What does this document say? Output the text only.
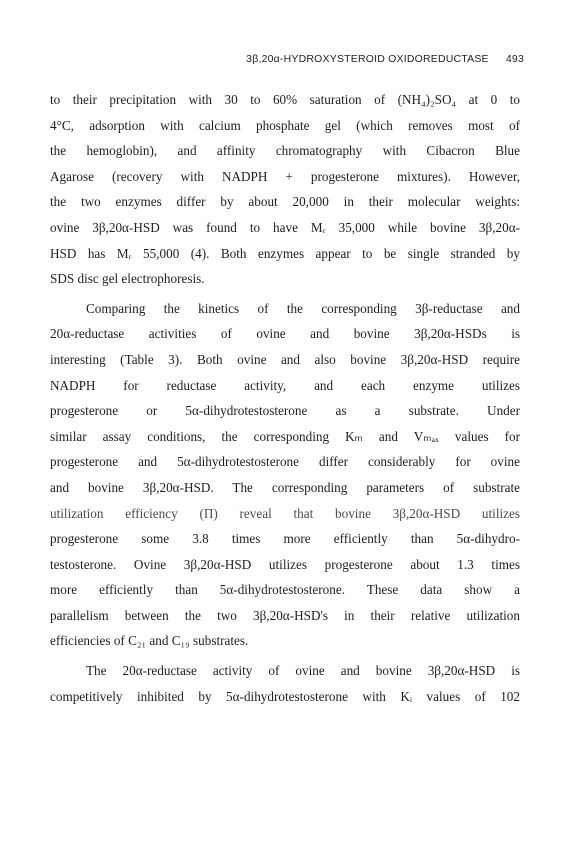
3β,20α-HYDROXYSTEROID OXIDOREDUCTASE 493
to their precipitation with 30 to 60% saturation of (NH₄)₂SO₄ at 0 to
4°C, adsorption with calcium phosphate gel (which removes most of
the hemoglobin), and affinity chromatography with Cibacron Blue
Agarose (recovery with NADPH + progesterone mixtures). However,
the two enzymes differ by about 20,000 in their molecular weights:
ovine 3β,20α-HSD was found to have Mᵣ 35,000 while bovine 3β,20α-
HSD has Mᵣ 55,000 (4). Both enzymes appear to be single stranded by
SDS disc gel electrophoresis.
Comparing the kinetics of the corresponding 3β-reductase and
20α-reductase activities of ovine and bovine 3β,20α-HSDs is
interesting (Table 3). Both ovine and also bovine 3β,20α-HSD require
NADPH for reductase activity, and each enzyme utilizes
progesterone or 5α-dihydrotestosterone as a substrate. Under
similar assay conditions, the corresponding Kₘ and Vₘₐₓ values for
progesterone and 5α-dihydrotestosterone differ considerably for ovine
and bovine 3β,20α-HSD. The corresponding parameters of substrate
utilization efficiency (Π) reveal that bovine 3β,20α-HSD utilizes
progesterone some 3.8 times more efficiently than 5α-dihydro-
testosterone. Ovine 3β,20α-HSD utilizes progesterone about 1.3 times
more efficiently than 5α-dihydrotestosterone. These data show a
parallelism between the two 3β,20α-HSD's in their relative utilization
efficiencies of C₂₁ and C₁₉ substrates.
The 20α-reductase activity of ovine and bovine 3β,20α-HSD is
competitively inhibited by 5α-dihydrotestosterone with Kᵢ values of 102
